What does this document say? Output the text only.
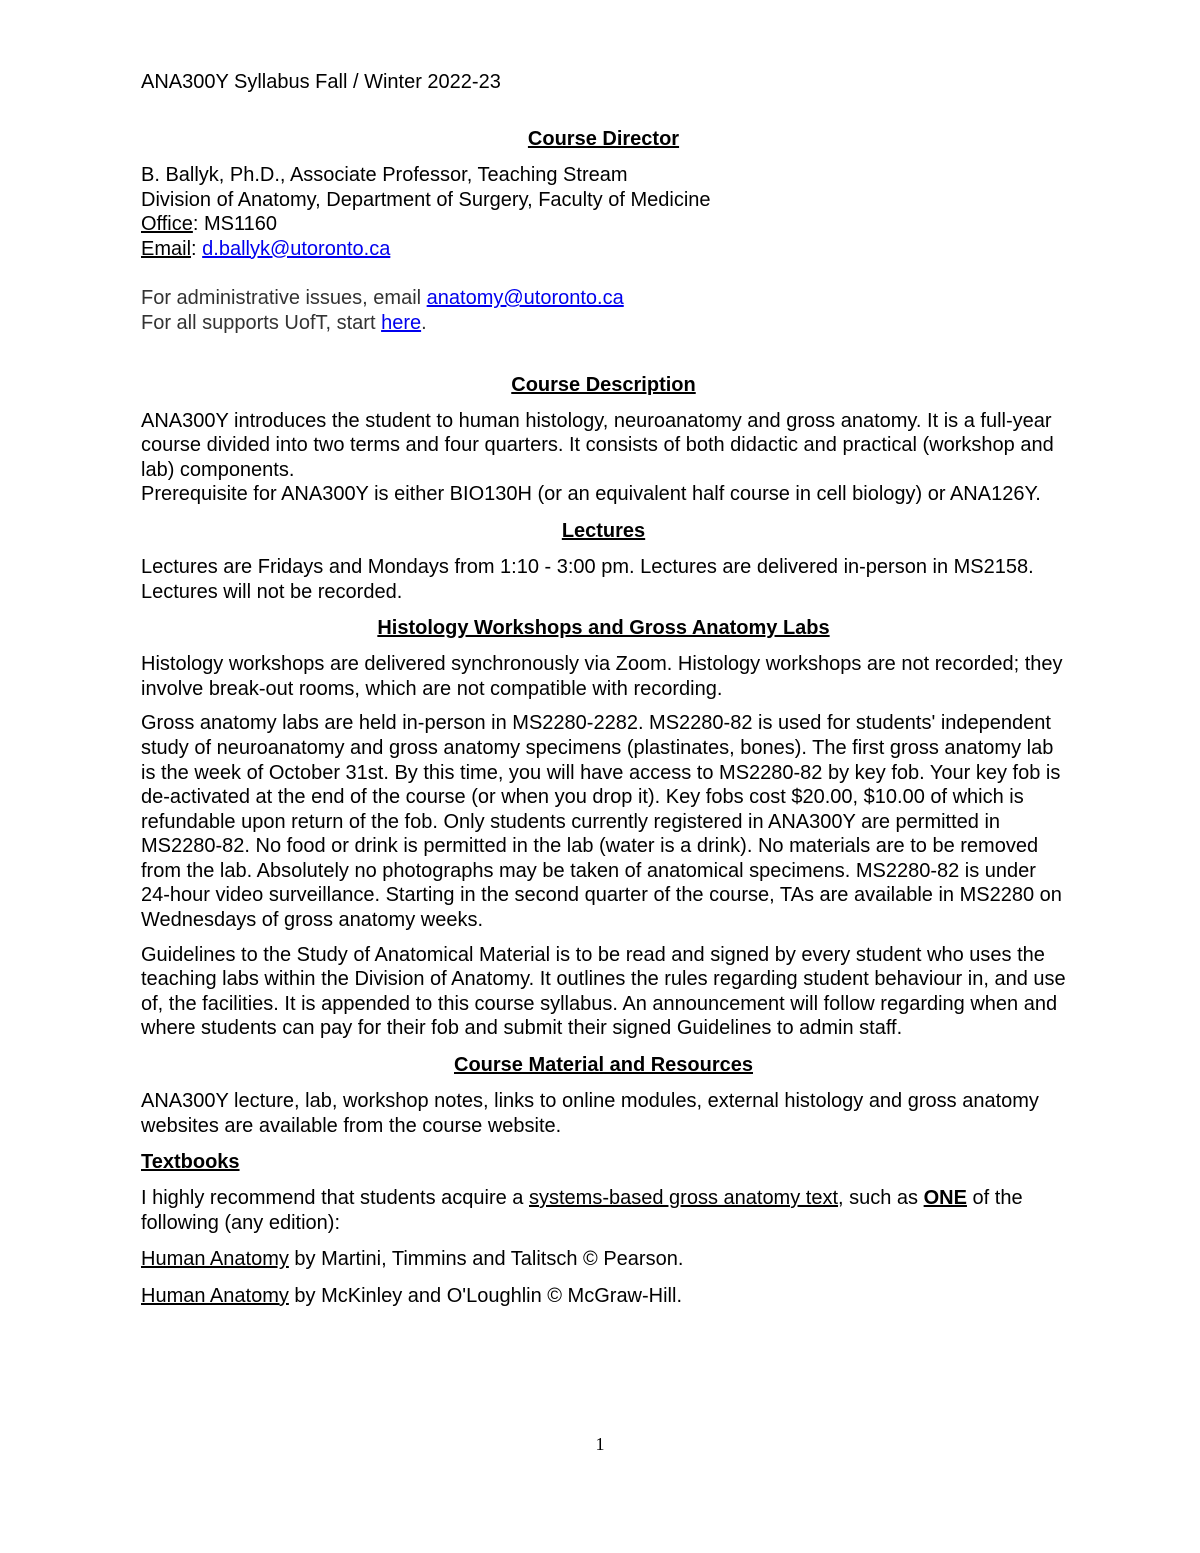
ANA300Y Syllabus Fall / Winter 2022-23
Course Director

B. Ballyk, Ph.D., Associate Professor, Teaching Stream

Division of Anatomy, Department of Surgery, Faculty of Medicine

Office: MS1160

Email: d.ballyk@utoronto.ca

For administrative issues, email anatomy@utoronto.ca

For all supports UofT, start here.

Course Description

ANA300Y introduces the student to human histology, neuroanatomy and gross anatomy. It is a full-year course divided into two terms and four quarters. It consists of both didactic and practical (workshop and lab) components.

Prerequisite for ANA300Y is either BIO130H (or an equivalent half course in cell biology) or ANA126Y.

Lectures

Lectures are Fridays and Mondays from 1:10 - 3:00 pm. Lectures are delivered in-person in MS2158. Lectures will not be recorded.

Histology Workshops and Gross Anatomy Labs

Histology workshops are delivered synchronously via Zoom. Histology workshops are not recorded; they involve break-out rooms, which are not compatible with recording.

Gross anatomy labs are held in-person in MS2280-2282. MS2280-82 is used for students' independent study of neuroanatomy and gross anatomy specimens (plastinates, bones). The first gross anatomy lab is the week of October 31st. By this time, you will have access to MS2280-82 by key fob. Your key fob is de-activated at the end of the course (or when you drop it). Key fobs cost $20.00, $10.00 of which is refundable upon return of the fob. Only students currently registered in ANA300Y are permitted in MS2280-82. No food or drink is permitted in the lab (water is a drink). No materials are to be removed from the lab. Absolutely no photographs may be taken of anatomical specimens. MS2280-82 is under 24-hour video surveillance. Starting in the second quarter of the course, TAs are available in MS2280 on Wednesdays of gross anatomy weeks.

Guidelines to the Study of Anatomical Material is to be read and signed by every student who uses the teaching labs within the Division of Anatomy. It outlines the rules regarding student behaviour in, and use of, the facilities. It is appended to this course syllabus. An announcement will follow regarding when and where students can pay for their fob and submit their signed Guidelines to admin staff.

Course Material and Resources

ANA300Y lecture, lab, workshop notes, links to online modules, external histology and gross anatomy websites are available from the course website.

Textbooks

I highly recommend that students acquire a systems-based gross anatomy text, such as ONE of the following (any edition):

Human Anatomy by Martini, Timmins and Talitsch © Pearson.

Human Anatomy by McKinley and O'Loughlin © McGraw-Hill.

1
